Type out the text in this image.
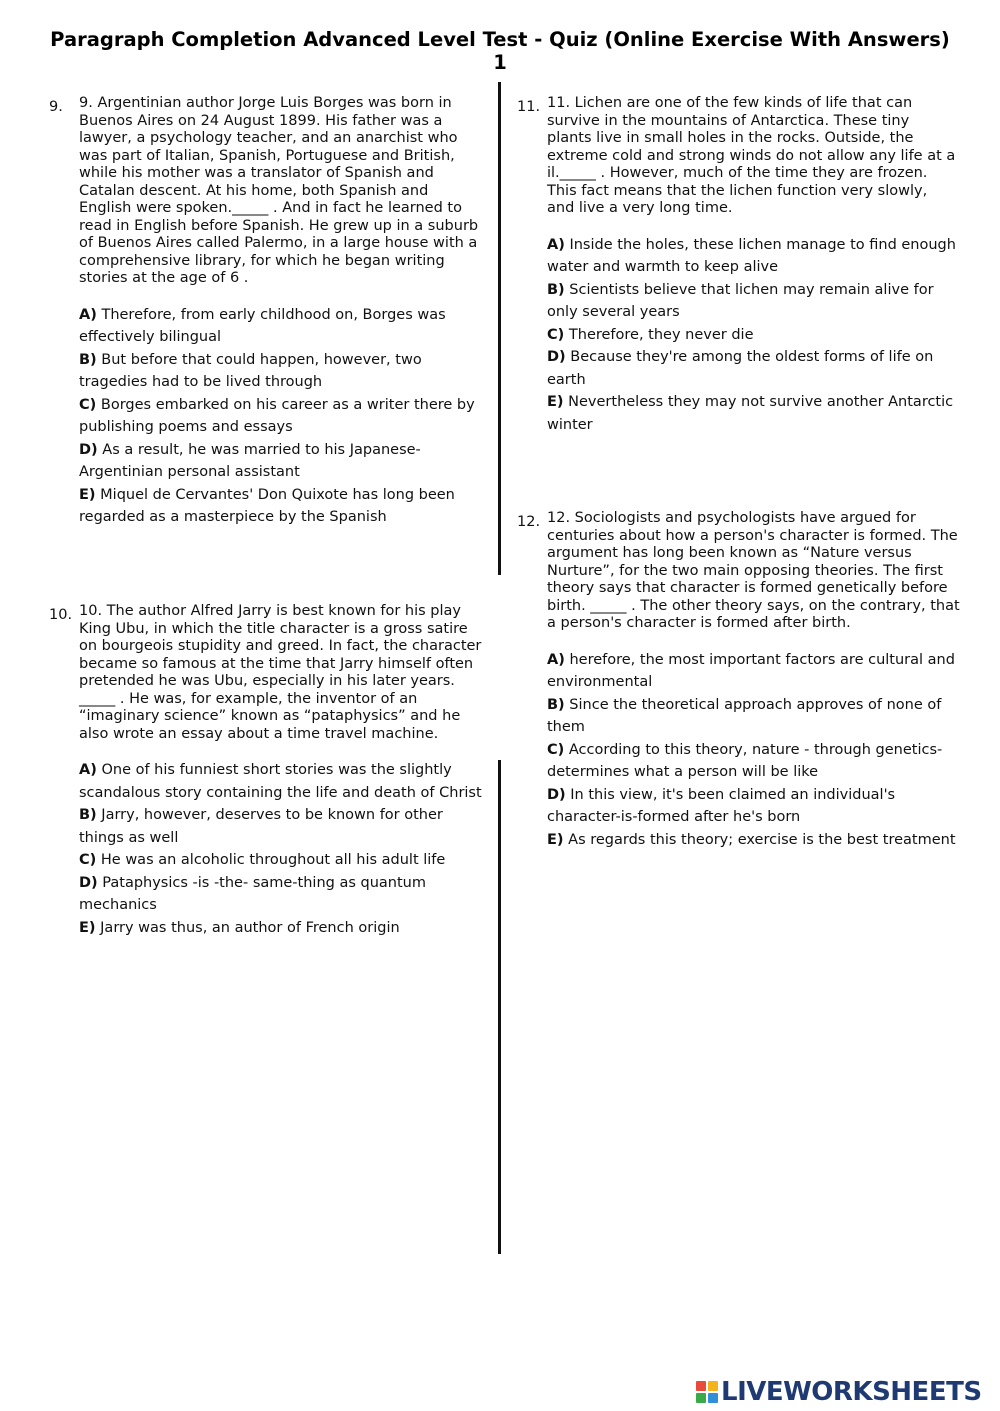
Paragraph Completion Advanced Level Test - Quiz (Online Exercise With Answers)
1
9. 9. Argentinian author Jorge Luis Borges was born in Buenos Aires on 24 August 1899. His father was a lawyer, a psychology teacher, and an anarchist who was part of Italian, Spanish, Portuguese and British, while his mother was a translator of Spanish and Catalan descent. At his home, both Spanish and English were spoken._____ . And in fact he learned to read in English before Spanish. He grew up in a suburb of Buenos Aires called Palermo, in a large house with a comprehensive library, for which he began writing stories at the age of 6 .

A) Therefore, from early childhood on, Borges was effectively bilingual

B) But before that could happen, however, two tragedies had to be lived through

C) Borges embarked on his career as a writer there by publishing poems and essays

D) As a result, he was married to his Japanese-Argentinian personal assistant

E) Miquel de Cervantes' Don Quixote has long been regarded as a masterpiece by the Spanish

10. 10. The author Alfred Jarry is best known for his play King Ubu, in which the title character is a gross satire on bourgeois stupidity and greed. In fact, the character became so famous at the time that Jarry himself often pretended he was Ubu, especially in his later years. _____ . He was, for example, the inventor of an “imaginary science” known as “pataphysics” and he also wrote an essay about a time travel machine.

A) One of his funniest short stories was the slightly scandalous story containing the life and death of Christ

B) Jarry, however, deserves to be known for other things as well

C) He was an alcoholic throughout all his adult life

D) Pataphysics -is -the- same-thing as quantum mechanics

E) Jarry was thus, an author of French origin

11. 11. Lichen are one of the few kinds of life that can survive in the mountains of Antarctica. These tiny plants live in small holes in the rocks. Outside, the extreme cold and strong winds do not allow any life at a il._____ . However, much of the time they are frozen. This fact means that the lichen function very slowly, and live a very long time.

A) Inside the holes, these lichen manage to find enough water and warmth to keep alive

B) Scientists believe that lichen may remain alive for only several years

C) Therefore, they never die

D) Because they're among the oldest forms of life on earth

E) Nevertheless they may not survive another Antarctic winter

12. 12. Sociologists and psychologists have argued for centuries about how a person's character is formed. The argument has long been known as “Nature versus Nurture”, for the two main opposing theories. The first theory says that character is formed genetically before birth. _____ . The other theory says, on the contrary, that a person's character is formed after birth.

A) herefore, the most important factors are cultural and environmental

B) Since the theoretical approach approves of none of them

C) According to this theory, nature - through genetics-determines what a person will be like

D) In this view, it's been claimed an individual's character-is-formed after he's born

E) As regards this theory; exercise is the best treatment

LIVEWORKSHEETS
